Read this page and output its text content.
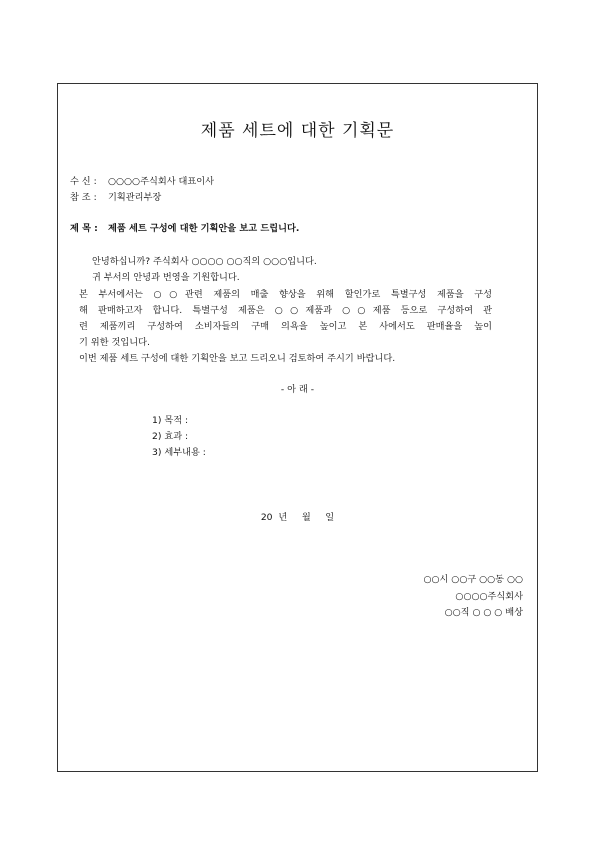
제품 세트에 대한 기획문
수 신 : ○○○○주식회사 대표이사
참 조 : 기획관리부장
제 목 : 제품 세트 구성에 대한 기획안을 보고 드립니다.
안녕하십니까? 주식회사 ○○○○ ○○직의 ○○○입니다.
귀 부서의 안녕과 번영을 기원합니다.
본 부서에서는 ○○관련 제품의 매출 향상을 위해 할인가로 특별구성 제품을 구성
해 판매하고자 합니다. 특별구성 제품은 ○○제품과 ○○제품 등으로 구성하여 관
련 제품끼리 구성하여 소비자들의 구매 의욕을 높이고 본 사에서도 판매율을 높이
기 위한 것입니다.
이번 제품 세트 구성에 대한 기획안을 보고 드리오니 검토하여 주시기 바랍니다.
- 아 래 -
1) 목적 :
2) 효과 :
3) 세부내용 :
20  년     월     일
○○시 ○○구 ○○동 ○○
○○○○주식회사
○○직 ○ ○ ○ 배상
